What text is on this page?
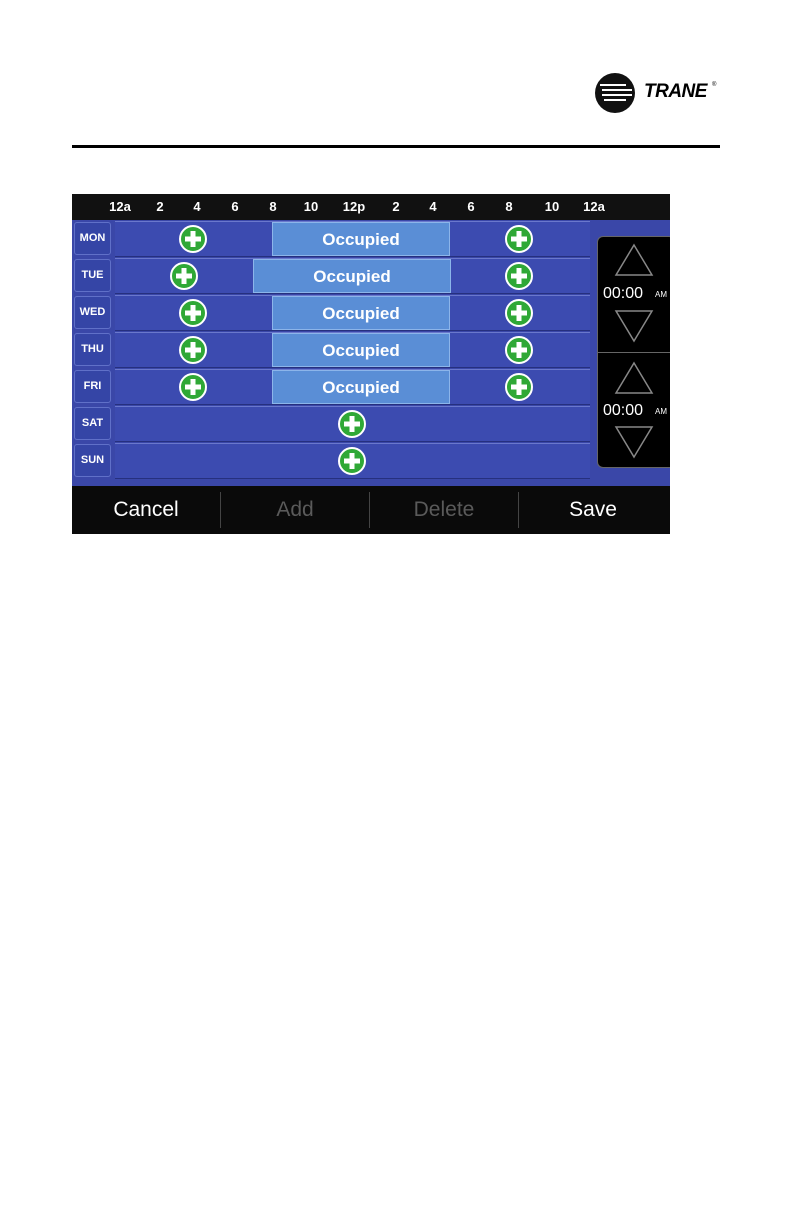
TRANE ®
12a	2	4	6	8	10	12p	2	4	6	8	10	12a
MON	Occupied
TUE	Occupied
WED	Occupied
THU	Occupied
FRI	Occupied
SAT
SUN
00:00 AM
00:00 AM
Cancel	Add	Delete	Save
